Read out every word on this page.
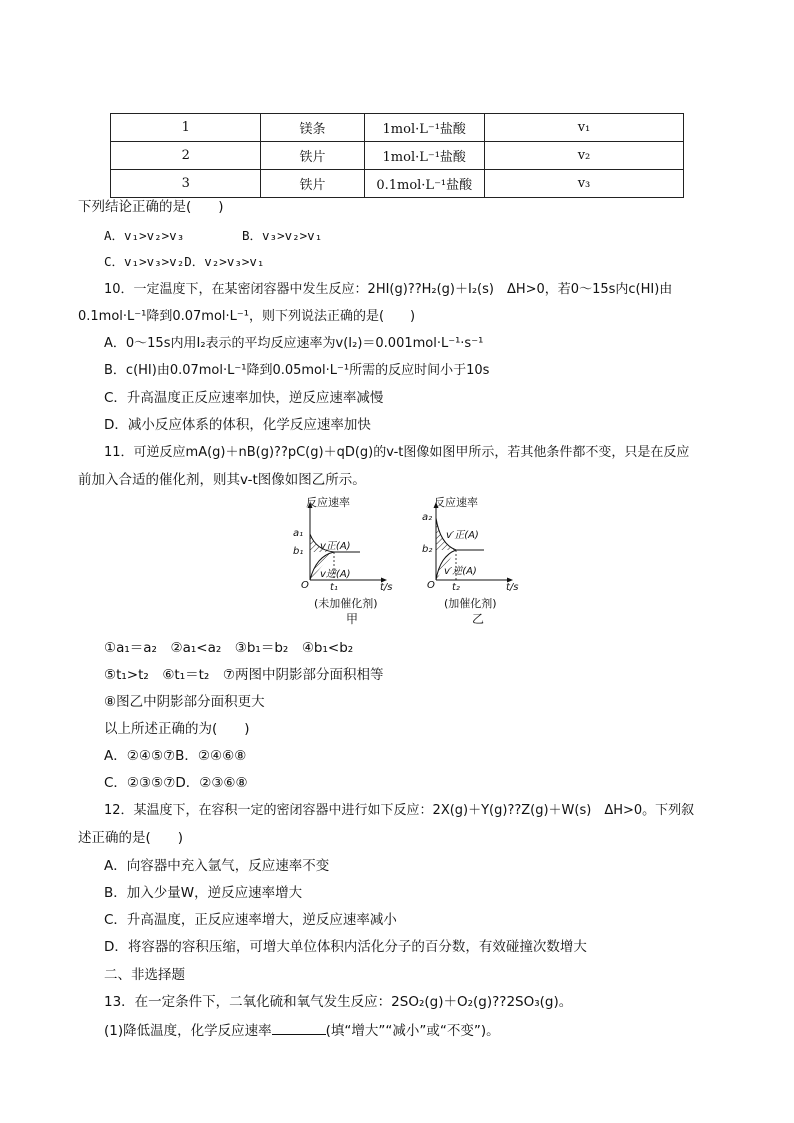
1	镁条	1mol·L⁻¹盐酸	v₁
2	铁片	1mol·L⁻¹盐酸	v₂
3	铁片	0.1mol·L⁻¹盐酸	v₃
下列结论正确的是(　　)
A．v₁>v₂>v₃	B．v₃>v₂>v₁
C．v₁>v₃>v₂D．v₂>v₃>v₁
10．一定温度下，在某密闭容器中发生反应：2HI(g)??H₂(g)＋I₂(s)　ΔH>0，若0～15s内c(HI)由
0.1mol·L⁻¹降到0.07mol·L⁻¹，则下列说法正确的是(　　)
A．0～15s内用I₂表示的平均反应速率为v(I₂)＝0.001mol·L⁻¹·s⁻¹
B．c(HI)由0.07mol·L⁻¹降到0.05mol·L⁻¹所需的反应时间小于10s
C．升高温度正反应速率加快，逆反应速率减慢
D．减小反应体系的体积，化学反应速率加快
11．可逆反应mA(g)＋nB(g)??pC(g)＋qD(g)的v-t图像如图甲所示，若其他条件都不变，只是在反应
前加入合适的催化剂，则其v-t图像如图乙所示。
反应速率
a₁
b₁ v正(A)
v逆(A)
O t₁	t/s
(未加催化剂)
甲
反应速率
a₂
b₂
v′正(A)
v′逆(A)
O t₂	t/s
(加催化剂)
乙
①a₁＝a₂　②a₁<a₂　③b₁＝b₂　④b₁<b₂
⑤t₁>t₂　⑥t₁＝t₂　⑦两图中阴影部分面积相等
⑧图乙中阴影部分面积更大
以上所述正确的为(　　)
A．②④⑤⑦B．②④⑥⑧
C．②③⑤⑦D．②③⑥⑧
12．某温度下，在容积一定的密闭容器中进行如下反应：2X(g)＋Y(g)??Z(g)＋W(s)　ΔH>0。下列叙
述正确的是(　　)
A．向容器中充入氩气，反应速率不变
B．加入少量W，逆反应速率增大
C．升高温度，正反应速率增大，逆反应速率减小
D．将容器的容积压缩，可增大单位体积内活化分子的百分数，有效碰撞次数增大
二、非选择题
13．在一定条件下，二氧化硫和氧气发生反应：2SO₂(g)＋O₂(g)??2SO₃(g)。
(1)降低温度，化学反应速率	(填“增大”“减小”或“不变”)。
